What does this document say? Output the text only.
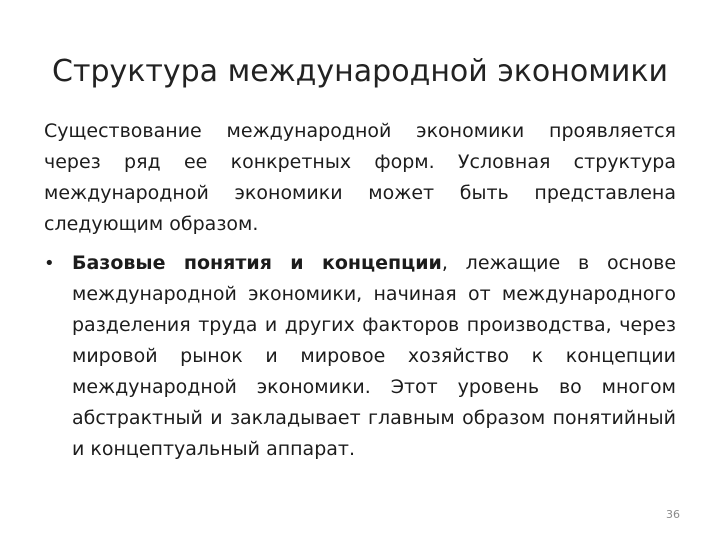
Структура международной экономики

Существование международной экономики проявляется через ряд ее конкретных форм. Условная структура международной экономики может быть представлена следующим образом.

• Базовые понятия и концепции, лежащие в основе международной экономики, начиная от международного разделения труда и других факторов производства, через мировой рынок и мировое хозяйство к концепции международной экономики. Этот уровень во многом абстрактный и закладывает главным образом понятийный и концептуальный аппарат.
36
